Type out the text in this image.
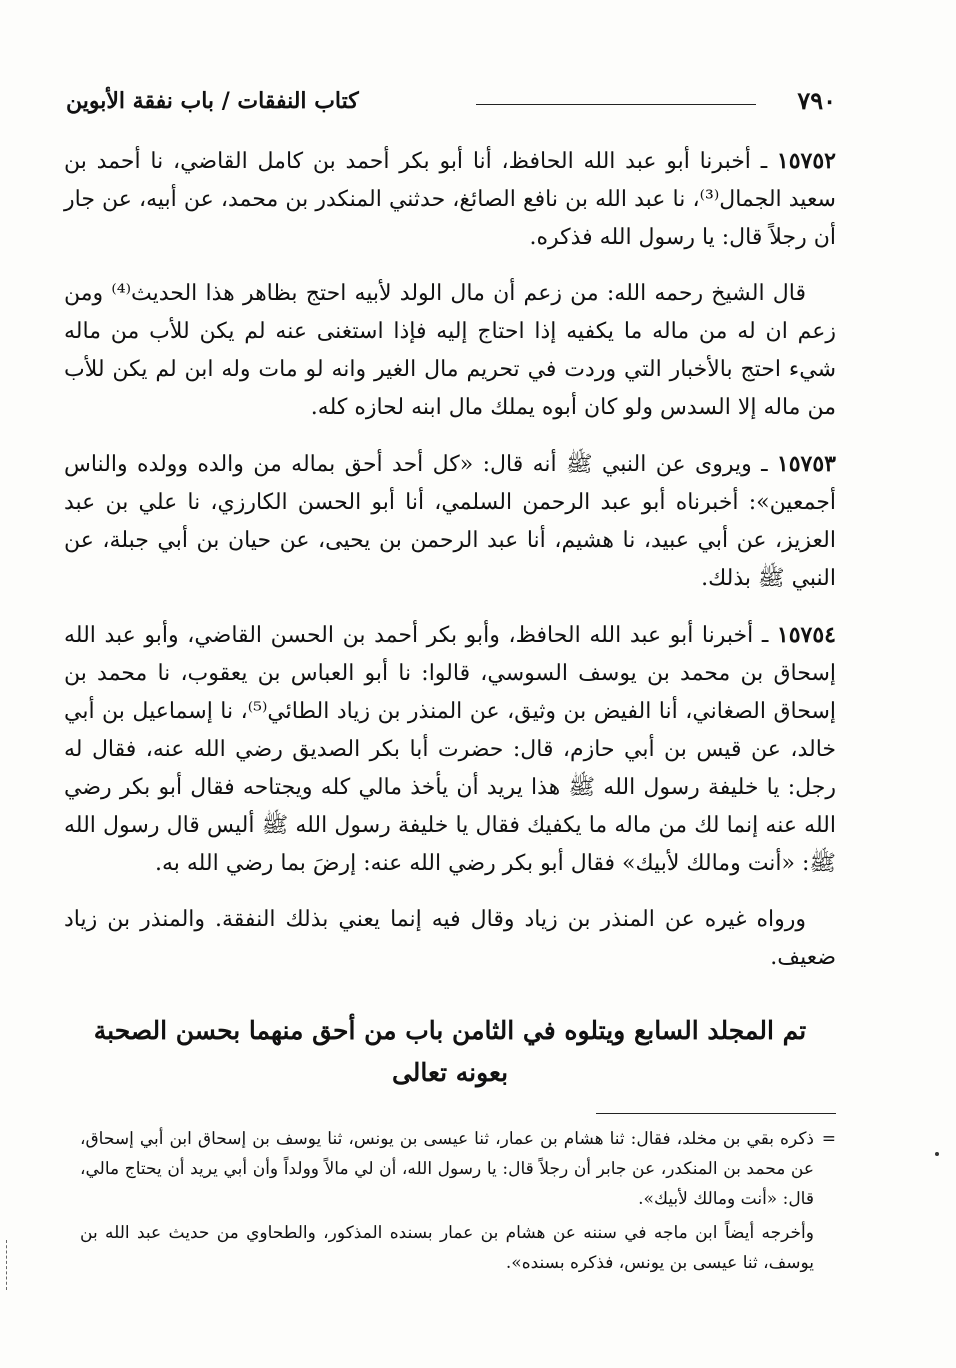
٧٩٠
كتاب النفقات / باب نفقة الأبوين

١٥٧٥٢ ـ أخبرنا أبو عبد الله الحافظ، أنا أبو بكر أحمد بن كامل القاضي، نا أحمد بن سعيد الجمال⁽³⁾، نا عبد الله بن نافع الصائغ، حدثني المنكدر بن محمد، عن أبيه، عن جار أن رجلاً قال: يا رسول الله فذكره.

قال الشيخ رحمه الله: من زعم أن مال الولد لأبيه احتج بظاهر هذا الحديث⁽⁴⁾ ومن زعم ان له من ماله ما يكفيه إذا احتاج إليه فإذا استغنى عنه لم يكن للأب من ماله شيء احتج بالأخبار التي وردت في تحريم مال الغير وانه لو مات وله ابن لم يكن للأب من ماله إلا السدس ولو كان أبوه يملك مال ابنه لحازه كله.

١٥٧٥٣ ـ ويروى عن النبي ﷺ أنه قال: «كل أحد أحق بماله من والده وولده والناس أجمعين»: أخبرناه أبو عبد الرحمن السلمي، أنا أبو الحسن الكارزي، نا علي بن عبد العزيز، عن أبي عبيد، نا هشيم، أنا عبد الرحمن بن يحيى، عن حيان بن أبي جبلة، عن النبي ﷺ بذلك.

١٥٧٥٤ ـ أخبرنا أبو عبد الله الحافظ، وأبو بكر أحمد بن الحسن القاضي، وأبو عبد الله إسحاق بن محمد بن يوسف السوسي، قالوا: نا أبو العباس بن يعقوب، نا محمد بن إسحاق الصغاني، أنا الفيض بن وثيق، عن المنذر بن زياد الطائي⁽⁵⁾، نا إسماعيل بن أبي خالد، عن قيس بن أبي حازم، قال: حضرت أبا بكر الصديق رضي الله عنه، فقال له رجل: يا خليفة رسول الله ﷺ هذا يريد أن يأخذ مالي كله ويجتاحه فقال أبو بكر رضي الله عنه إنما لك من ماله ما يكفيك فقال يا خليفة رسول الله ﷺ أليس قال رسول الله ﷺ: «أنت ومالك لأبيك» فقال أبو بكر رضي الله عنه: إرضَ بما رضي الله به.

ورواه غيره عن المنذر بن زياد وقال فيه إنما يعني بذلك النفقة. والمنذر بن زياد ضعيف.

تم المجلد السابع ويتلوه في الثامن باب من أحق منهما بحسن الصحبة بعونه تعالى

=
ذكره بقي بن مخلد، فقال: ثنا هشام بن عمار، ثنا عيسى بن يونس، ثنا يوسف بن إسحاق ابن أبي إسحاق، عن محمد بن المنكدر، عن جابر أن رجلاً قال: يا رسول الله، أن لي مالاً وولداً وأن أبي يريد أن يحتاج مالي، قال: «أنت ومالك لأبيك».

وأخرجه أيضاً ابن ماجه في سننه عن هشام بن عمار بسنده المذكور، والطحاوي من حديث عبد الله بن يوسف، ثنا عيسى بن يونس، فذكره بسنده».
